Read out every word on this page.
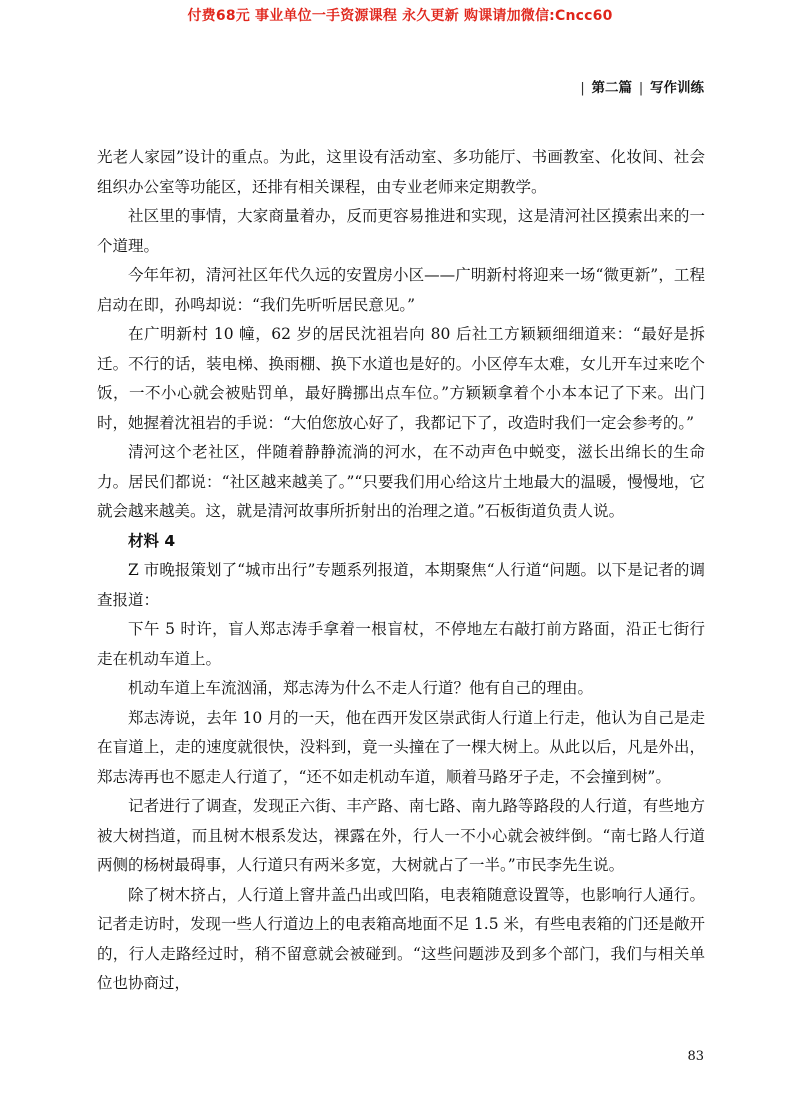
付费68元 事业单位一手资源课程 永久更新 购课请加微信:Cncc60
| 第二篇 | 写作训练

光老人家园”设计的重点。为此，这里设有活动室、多功能厅、书画教室、化妆间、社会组织办公室等功能区，还排有相关课程，由专业老师来定期教学。

社区里的事情，大家商量着办，反而更容易推进和实现，这是清河社区摸索出来的一个道理。

今年年初，清河社区年代久远的安置房小区——广明新村将迎来一场“微更新”，工程启动在即，孙鸣却说：“我们先听听居民意见。”

在广明新村 10 幢，62 岁的居民沈祖岩向 80 后社工方颖颖细细道来：“最好是拆迁。不行的话，装电梯、换雨棚、换下水道也是好的。小区停车太难，女儿开车过来吃个饭，一不小心就会被贴罚单，最好腾挪出点车位。”方颖颖拿着个小本本记了下来。出门时，她握着沈祖岩的手说：“大伯您放心好了，我都记下了，改造时我们一定会参考的。”

清河这个老社区，伴随着静静流淌的河水，在不动声色中蜕变，滋长出绵长的生命力。居民们都说：“社区越来越美了。”“只要我们用心给这片土地最大的温暖，慢慢地，它就会越来越美。这，就是清河故事所折射出的治理之道。”石板街道负责人说。

材料 4

Z 市晚报策划了“城市出行”专题系列报道，本期聚焦“人行道“问题。以下是记者的调查报道：

下午 5 时许，盲人郑志涛手拿着一根盲杖，不停地左右敲打前方路面，沿正七街行走在机动车道上。

机动车道上车流汹涌，郑志涛为什么不走人行道？他有自己的理由。

郑志涛说，去年 10 月的一天，他在西开发区崇武街人行道上行走，他认为自己是走在盲道上，走的速度就很快，没料到，竟一头撞在了一棵大树上。从此以后，凡是外出，郑志涛再也不愿走人行道了，“还不如走机动车道，顺着马路牙子走，不会撞到树”。

记者进行了调查，发现正六街、丰产路、南七路、南九路等路段的人行道，有些地方被大树挡道，而且树木根系发达，裸露在外，行人一不小心就会被绊倒。“南七路人行道两侧的杨树最碍事，人行道只有两米多宽，大树就占了一半。”市民李先生说。

除了树木挤占，人行道上窨井盖凸出或凹陷，电表箱随意设置等，也影响行人通行。记者走访时，发现一些人行道边上的电表箱高地面不足 1.5 米，有些电表箱的门还是敞开的，行人走路经过时，稍不留意就会被碰到。“这些问题涉及到多个部门，我们与相关单位也协商过，

83
